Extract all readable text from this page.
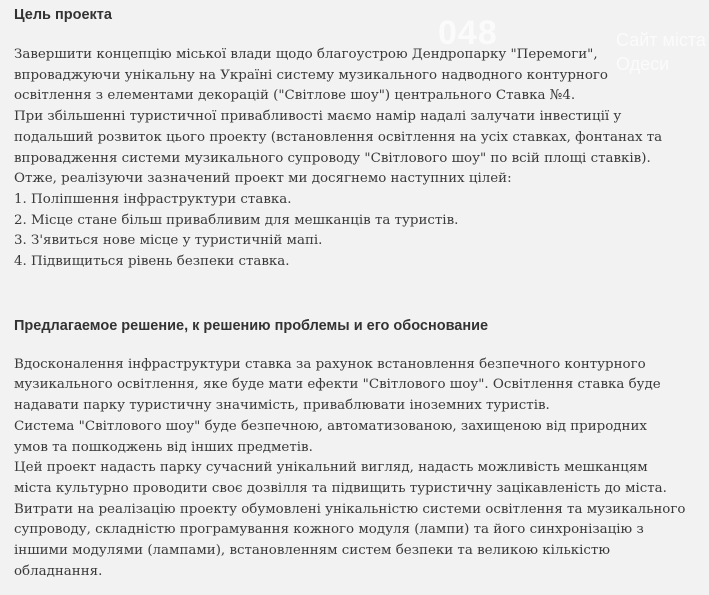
048	Сайт міста
Одеси
Цель проекта
Завершити концепцію міської влади щодо благоустрою Дендропарку "Перемоги",
впроваджуючи унікальну на Україні систему музикального надводного контурного
освітлення з елементами декорацій ("Світлове шоу") центрального Ставка №4.
При збільшенні туристичної привабливості маємо намір надалі залучати інвестиції у
подальший розвиток цього проекту (встановлення освітлення на усіх ставках, фонтанах та
впровадження системи музикального супроводу "Світлового шоу" по всій площі ставків).
Отже, реалізуючи зазначений проект ми досягнемо наступних цілей:
1. Поліпшення інфраструктури ставка.
2. Місце стане більш привабливим для мешканців та туристів.
3. З'явиться нове місце у туристичній мапі.
4. Підвищиться рівень безпеки ставка.
Предлагаемое решение, к решению проблемы и его обоснование
Вдосконалення інфраструктури ставка за рахунок встановлення безпечного контурного
музикального освітлення, яке буде мати ефекти "Світлового шоу". Освітлення ставка буде
надавати парку туристичну значимість, приваблювати іноземних туристів.
Система "Світлового шоу" буде безпечною, автоматизованою, захищеною від природних
умов та пошкоджень від інших предметів.
Цей проект надасть парку сучасний унікальний вигляд, надасть можливість мешканцям
міста культурно проводити своє дозвілля та підвищить туристичну зацікавленість до міста.
Витрати на реалізацію проекту обумовлені унікальністю системи освітлення та музикального
супроводу, складністю програмування кожного модуля (лампи) та його синхронізацію з
іншими модулями (лампами), встановленням систем безпеки та великою кількістю
обладнання.
